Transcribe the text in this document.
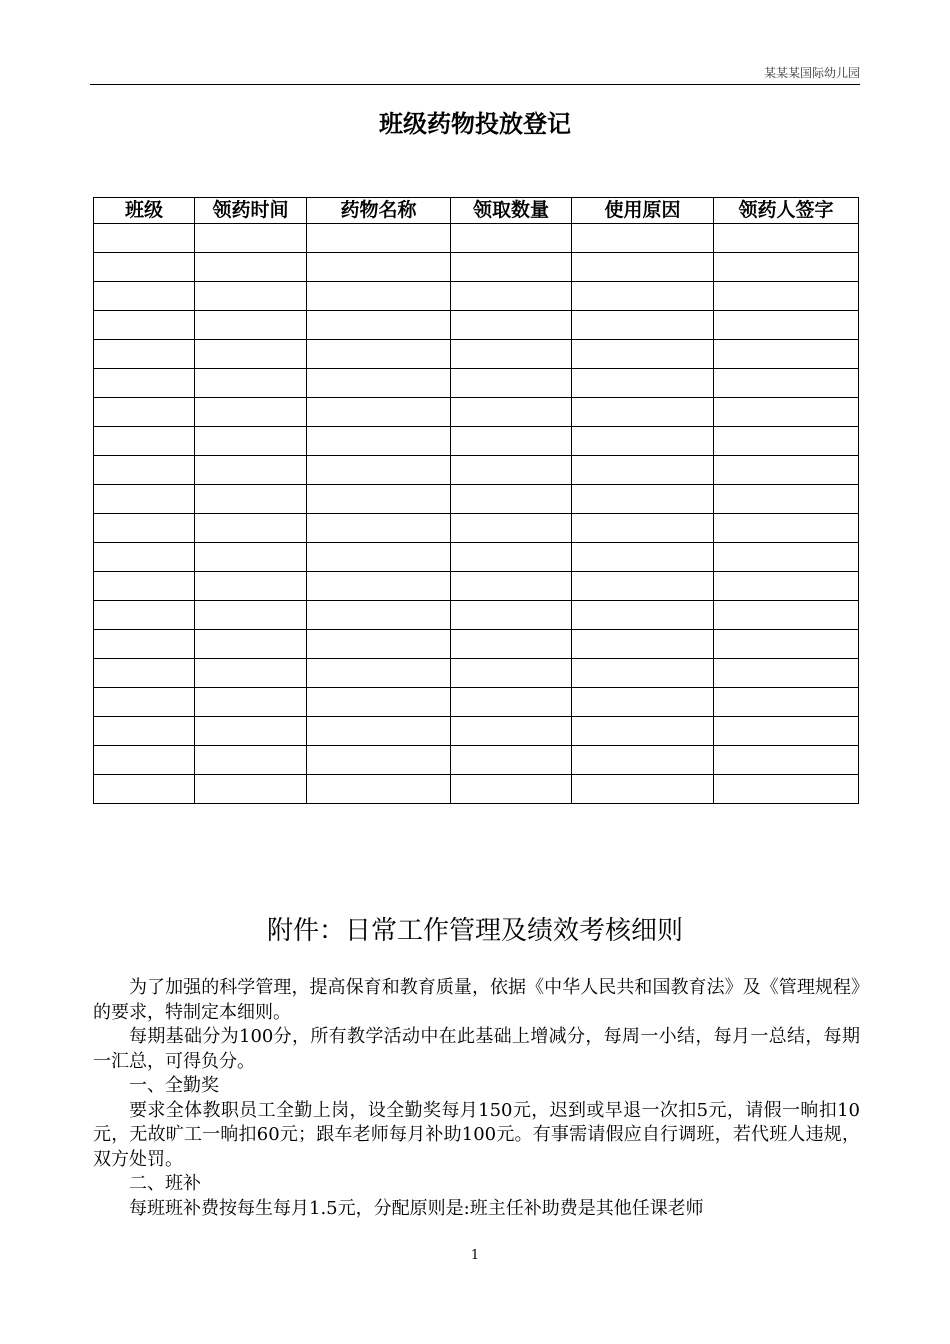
某某某国际幼儿园
班级药物投放登记
班级	领药时间	药物名称	领取数量	使用原因	领药人签字

附件：日常工作管理及绩效考核细则

为了加强的科学管理，提高保育和教育质量，依据《中华人民共和国教育法》及《管理规程》的要求，特制定本细则。

每期基础分为100分，所有教学活动中在此基础上增减分，每周一小结，每月一总结，每期一汇总，可得负分。

一、全勤奖

要求全体教职员工全勤上岗，设全勤奖每月150元，迟到或早退一次扣5元，请假一晌扣10元，无故旷工一晌扣60元；跟车老师每月补助100元。有事需请假应自行调班，若代班人违规，双方处罚。

二、班补

每班班补费按每生每月1.5元，分配原则是:班主任补助费是其他任课老师

1
